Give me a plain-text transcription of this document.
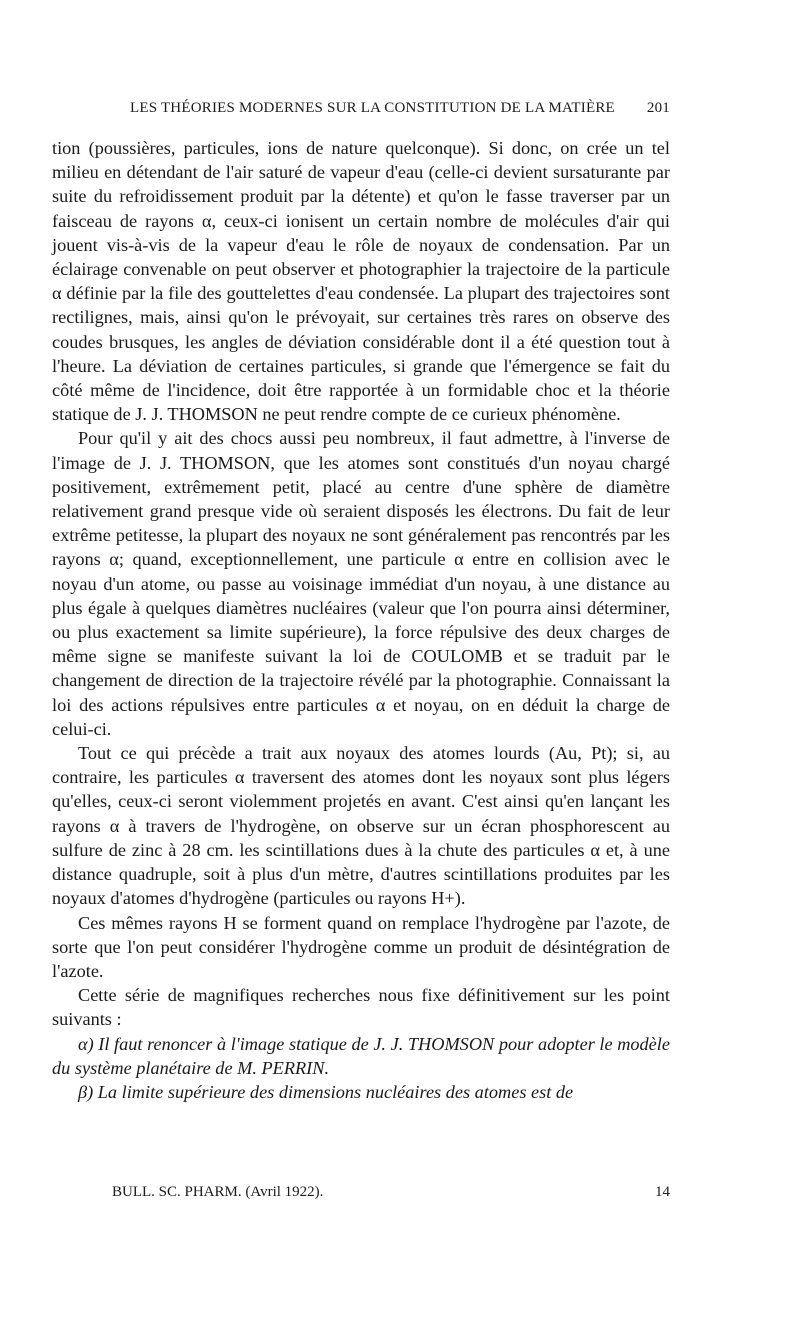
LES THÉORIES MODERNES SUR LA CONSTITUTION DE LA MATIÈRE 201

tion (poussières, particules, ions de nature quelconque). Si donc, on crée un tel milieu en détendant de l'air saturé de vapeur d'eau (celle-ci devient sursaturante par suite du refroidissement produit par la détente) et qu'on le fasse traverser par un faisceau de rayons α, ceux-ci ionisent un certain nombre de molécules d'air qui jouent vis-à-vis de la vapeur d'eau le rôle de noyaux de condensation. Par un éclairage convenable on peut observer et photographier la trajectoire de la particule α définie par la file des gouttelettes d'eau condensée. La plupart des trajectoires sont rectilignes, mais, ainsi qu'on le prévoyait, sur certaines très rares on observe des coudes brusques, les angles de déviation considérable dont il a été question tout à l'heure. La déviation de certaines particules, si grande que l'émergence se fait du côté même de l'incidence, doit être rapportée à un formidable choc et la théorie statique de J. J. THOMSON ne peut rendre compte de ce curieux phénomène.

Pour qu'il y ait des chocs aussi peu nombreux, il faut admettre, à l'inverse de l'image de J. J. THOMSON, que les atomes sont constitués d'un noyau chargé positivement, extrêmement petit, placé au centre d'une sphère de diamètre relativement grand presque vide où seraient disposés les électrons. Du fait de leur extrême petitesse, la plupart des noyaux ne sont généralement pas rencontrés par les rayons α; quand, exceptionnellement, une particule α entre en collision avec le noyau d'un atome, ou passe au voisinage immédiat d'un noyau, à une distance au plus égale à quelques diamètres nucléaires (valeur que l'on pourra ainsi déterminer, ou plus exactement sa limite supérieure), la force répulsive des deux charges de même signe se manifeste suivant la loi de COULOMB et se traduit par le changement de direction de la trajectoire révélé par la photographie. Connaissant la loi des actions répulsives entre particules α et noyau, on en déduit la charge de celui-ci.

Tout ce qui précède a trait aux noyaux des atomes lourds (Au, Pt); si, au contraire, les particules α traversent des atomes dont les noyaux sont plus légers qu'elles, ceux-ci seront violemment projetés en avant. C'est ainsi qu'en lançant les rayons α à travers de l'hydrogène, on observe sur un écran phosphorescent au sulfure de zinc à 28 cm. les scintillations dues à la chute des particules α et, à une distance quadruple, soit à plus d'un mètre, d'autres scintillations produites par les noyaux d'atomes d'hydrogène (particules ou rayons H+).

Ces mêmes rayons H se forment quand on remplace l'hydrogène par l'azote, de sorte que l'on peut considérer l'hydrogène comme un produit de désintégration de l'azote.

Cette série de magnifiques recherches nous fixe définitivement sur les point suivants :

α) Il faut renoncer à l'image statique de J. J. THOMSON pour adopter le modèle du système planétaire de M. PERRIN.

β) La limite supérieure des dimensions nucléaires des atomes est de

BULL. SC. PHARM. (Avril 1922).	14
